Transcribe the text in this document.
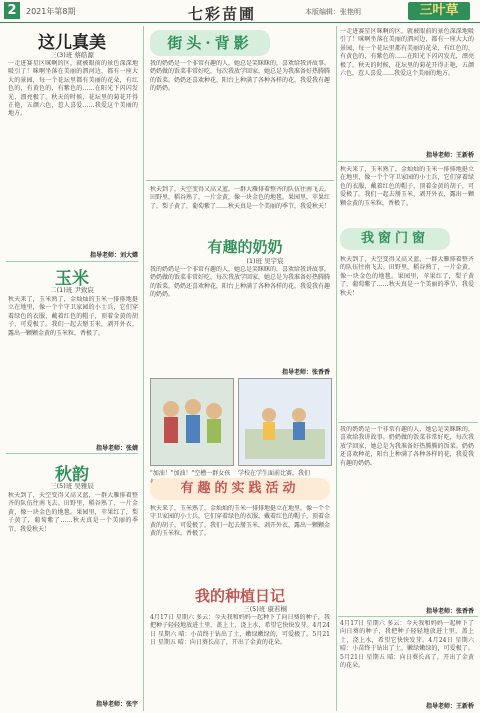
2	2021年第8期	七彩苗圃	本版编辑：张艳明	三叶草
这儿真美
三(3)班 蔡皓源
一走进赛星区咪啊的区，就被眼前的景色深深地吸引了！咪啊坐落在美丽的泗河边，都有一座大大的景园，每一个花坛里都有美丽的花朵，有红色的，有黄色的，有紫色的……在阳光下闪闪发光，漂亮极了。秋天的时候，花坛里的菊花开得正艳，五颜六色，惹人喜爱……我爱这个美丽的地方。
指导老师：刘大嫦
玉米
二(1)班 尹致宸
秋天来了，玉米熟了，金灿灿的玉米一排排地挺立在地里，像一个个守卫家园的小士兵，它们穿着绿色的衣服，戴着红色的帽子，顶着金黄的胡子，可爱极了。我们一起去掰玉米，剥开外衣，露出一颗颗金黄的玉米粒，香极了。
指导老师：张婧
秋韵
三(5)班 吴雅辰
秋天到了，天空变得又高又蓝，一群大雁排着整齐的队伍往南飞去。田野里，稻谷熟了，一片金黄，像一块金色的地毯。果园里，苹果红了，梨子黄了，葡萄紫了……秋天真是一个美丽的季节，我爱秋天！
指导老师：张宇
街头·背影
我的奶奶是一个非常有趣的人，她总是笑眯眯的，喜欢给我讲故事。奶奶做的饭菜非常好吃，每次我放学回家，她总是为我准备好热腾腾的饭菜。奶奶还喜欢种花，阳台上种满了各种各样的花，我爱我有趣的奶奶。
秋天到了，天空变得又高又蓝，一群大雁排着整齐的队伍往南飞去。田野里，稻谷熟了，一片金黄，像一块金色的地毯。果园里，苹果红了，梨子黄了，葡萄紫了……秋天真是一个美丽的季节，我爱秋天！
有趣的奶奶
(1)班 吴宇宸
我的奶奶是一个非常有趣的人，她总是笑眯眯的，喜欢给我讲故事。奶奶做的饭菜非常好吃，每次我放学回家，她总是为我准备好热腾腾的饭菜。奶奶还喜欢种花，阳台上种满了各种各样的花，我爱我有趣的奶奶。
指导老师：张香香
"加油！"加油！"空槽一群女孩 学校在学生面前比赛，我们
有趣的实践活动
秋天来了，玉米熟了，金灿灿的玉米一排排地挺立在地里，像一个个守卫家园的小士兵，它们穿着绿色的衣服，戴着红色的帽子，顶着金黄的胡子，可爱极了。我们一起去掰玉米，剥开外衣，露出一颗颗金黄的玉米粒，香极了。
我的种植日记
三(5)班 康若桐
4月17日 星期六 多云：今天我和妈妈一起种下了向日葵的种子，我把种子轻轻地放进土里，盖上土，浇上水，希望它快快发芽。4月24日 星期六 晴：小苗终于钻出了土，嫩绿嫩绿的，可爱极了。5月21日 星期五 晴：向日葵长高了，开出了金黄的花朵。
一走进赛星区咪啊的区，就被眼前的景色深深地吸引了！咪啊坐落在美丽的泗河边，都有一座大大的景园，每一个花坛里都有美丽的花朵，有红色的，有黄色的，有紫色的……在阳光下闪闪发光，漂亮极了。秋天的时候，花坛里的菊花开得正艳，五颜六色，惹人喜爱……我爱这个美丽的地方。
指导老师：王新桥
秋天来了，玉米熟了，金灿灿的玉米一排排地挺立在地里，像一个个守卫家园的小士兵，它们穿着绿色的衣服，戴着红色的帽子，顶着金黄的胡子，可爱极了。我们一起去掰玉米，剥开外衣，露出一颗颗金黄的玉米粒，香极了。
我窗门窗
秋天到了，天空变得又高又蓝，一群大雁排着整齐的队伍往南飞去。田野里，稻谷熟了，一片金黄，像一块金色的地毯。果园里，苹果红了，梨子黄了，葡萄紫了……秋天真是一个美丽的季节，我爱秋天！
我的奶奶是一个非常有趣的人，她总是笑眯眯的，喜欢给我讲故事。奶奶做的饭菜非常好吃，每次我放学回家，她总是为我准备好热腾腾的饭菜。奶奶还喜欢种花，阳台上种满了各种各样的花，我爱我有趣的奶奶。
指导老师：张香香
4月17日 星期六 多云：今天我和妈妈一起种下了向日葵的种子，我把种子轻轻地放进土里，盖上土，浇上水，希望它快快发芽。4月24日 星期六 晴：小苗终于钻出了土，嫩绿嫩绿的，可爱极了。5月21日 星期五 晴：向日葵长高了，开出了金黄的花朵。
指导老师：王新桥
